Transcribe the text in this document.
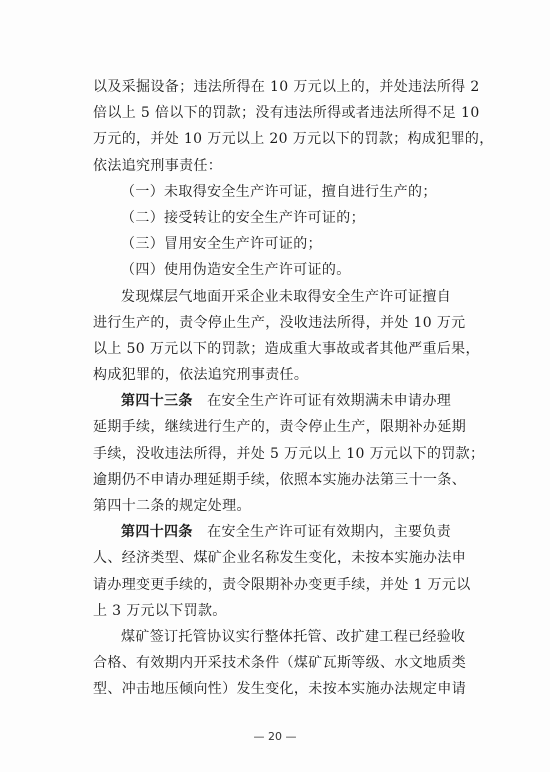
以及采掘设备；违法所得在 10 万元以上的，并处违法所得 2
倍以上 5 倍以下的罚款；没有违法所得或者违法所得不足 10
万元的，并处 10 万元以上 20 万元以下的罚款；构成犯罪的，
依法追究刑事责任：
（一）未取得安全生产许可证，擅自进行生产的；
（二）接受转让的安全生产许可证的；
（三）冒用安全生产许可证的；
（四）使用伪造安全生产许可证的。
发现煤层气地面开采企业未取得安全生产许可证擅自
进行生产的，责令停止生产，没收违法所得，并处 10 万元
以上 50 万元以下的罚款；造成重大事故或者其他严重后果，
构成犯罪的，依法追究刑事责任。
第四十三条　在安全生产许可证有效期满未申请办理
延期手续，继续进行生产的，责令停止生产，限期补办延期
手续，没收违法所得，并处 5 万元以上 10 万元以下的罚款；
逾期仍不申请办理延期手续，依照本实施办法第三十一条、
第四十二条的规定处理。
第四十四条　在安全生产许可证有效期内，主要负责
人、经济类型、煤矿企业名称发生变化，未按本实施办法申
请办理变更手续的，责令限期补办变更手续，并处 1 万元以
上 3 万元以下罚款。
煤矿签订托管协议实行整体托管、改扩建工程已经验收
合格、有效期内开采技术条件（煤矿瓦斯等级、水文地质类
型、冲击地压倾向性）发生变化，未按本实施办法规定申请
— 20 —
